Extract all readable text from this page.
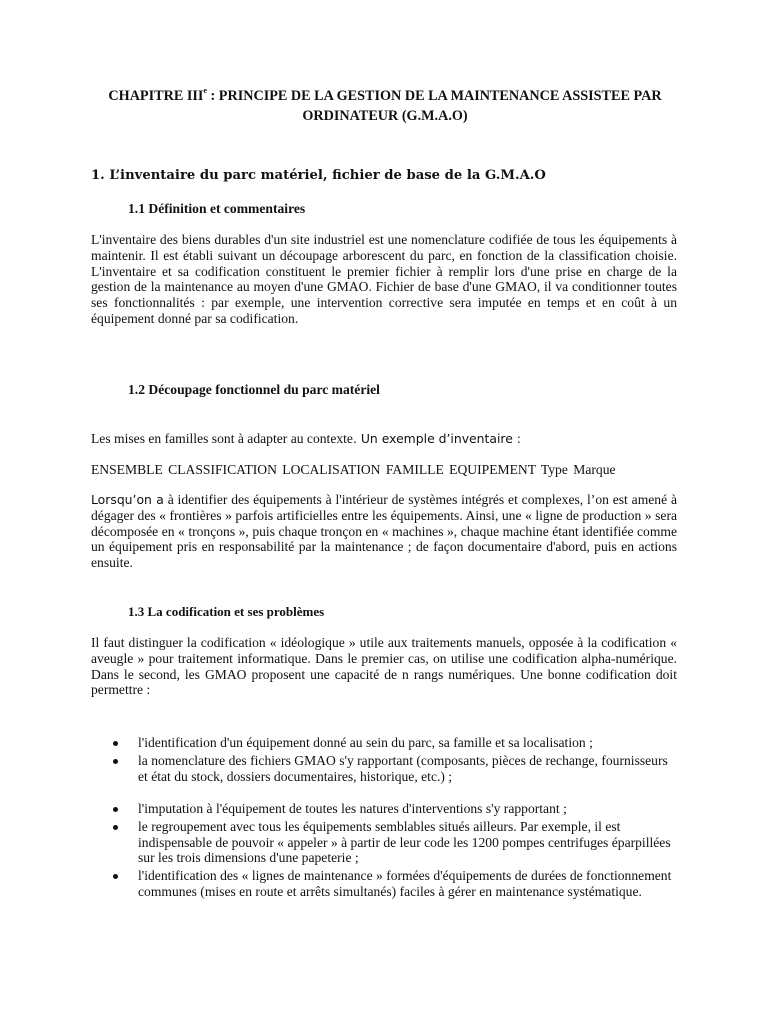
CHAPITRE IIIe : PRINCIPE DE LA GESTION DE LA MAINTENANCE ASSISTEE PAR ORDINATEUR (G.M.A.O)
1. L’inventaire du parc matériel, fichier de base de la G.M.A.O
1.1 Définition et commentaires

L'inventaire des biens durables d'un site industriel est une nomenclature codifiée de tous les équipements à maintenir. Il est établi suivant un découpage arborescent du parc, en fonction de la classification choisie. L'inventaire et sa codification constituent le premier fichier à remplir lors d'une prise en charge de la gestion de la maintenance au moyen d'une GMAO. Fichier de base d'une GMAO, il va conditionner toutes ses fonctionnalités : par exemple, une intervention corrective sera imputée en temps et en coût à un équipement donné par sa codification.

1.2 Découpage fonctionnel du parc matériel

Les mises en familles sont à adapter au contexte. Un exemple d’inventaire :

ENSEMBLE CLASSIFICATION LOCALISATION FAMILLE EQUIPEMENT Type Marque

Lorsqu’on a à identifier des équipements à l'intérieur de systèmes intégrés et complexes, l’on est amené à dégager des « frontières » parfois artificielles entre les équipements. Ainsi, une « ligne de production » sera décomposée en « tronçons », puis chaque tronçon en « machines », chaque machine étant identifiée comme un équipement pris en responsabilité par la maintenance ; de façon documentaire d'abord, puis en actions ensuite.

1.3 La codification et ses problèmes

Il faut distinguer la codification « idéologique » utile aux traitements manuels, opposée à la codification « aveugle » pour traitement informatique. Dans le premier cas, on utilise une codification alpha-numérique. Dans le second, les GMAO proposent une capacité de n rangs numériques. Une bonne codification doit permettre :

l'identification d'un équipement donné au sein du parc, sa famille et sa localisation ;
la nomenclature des fichiers GMAO s'y rapportant (composants, pièces de rechange, fournisseurs et état du stock, dossiers documentaires, historique, etc.) ;
l'imputation à l'équipement de toutes les natures d'interventions s'y rapportant ;
le regroupement avec tous les équipements semblables situés ailleurs. Par exemple, il est indispensable de pouvoir « appeler » à partir de leur code les 1200 pompes centrifuges éparpillées sur les trois dimensions d'une papeterie ;
l'identification des « lignes de maintenance » formées d'équipements de durées de fonctionnement communes (mises en route et arrêts simultanés) faciles à gérer en maintenance systématique.
